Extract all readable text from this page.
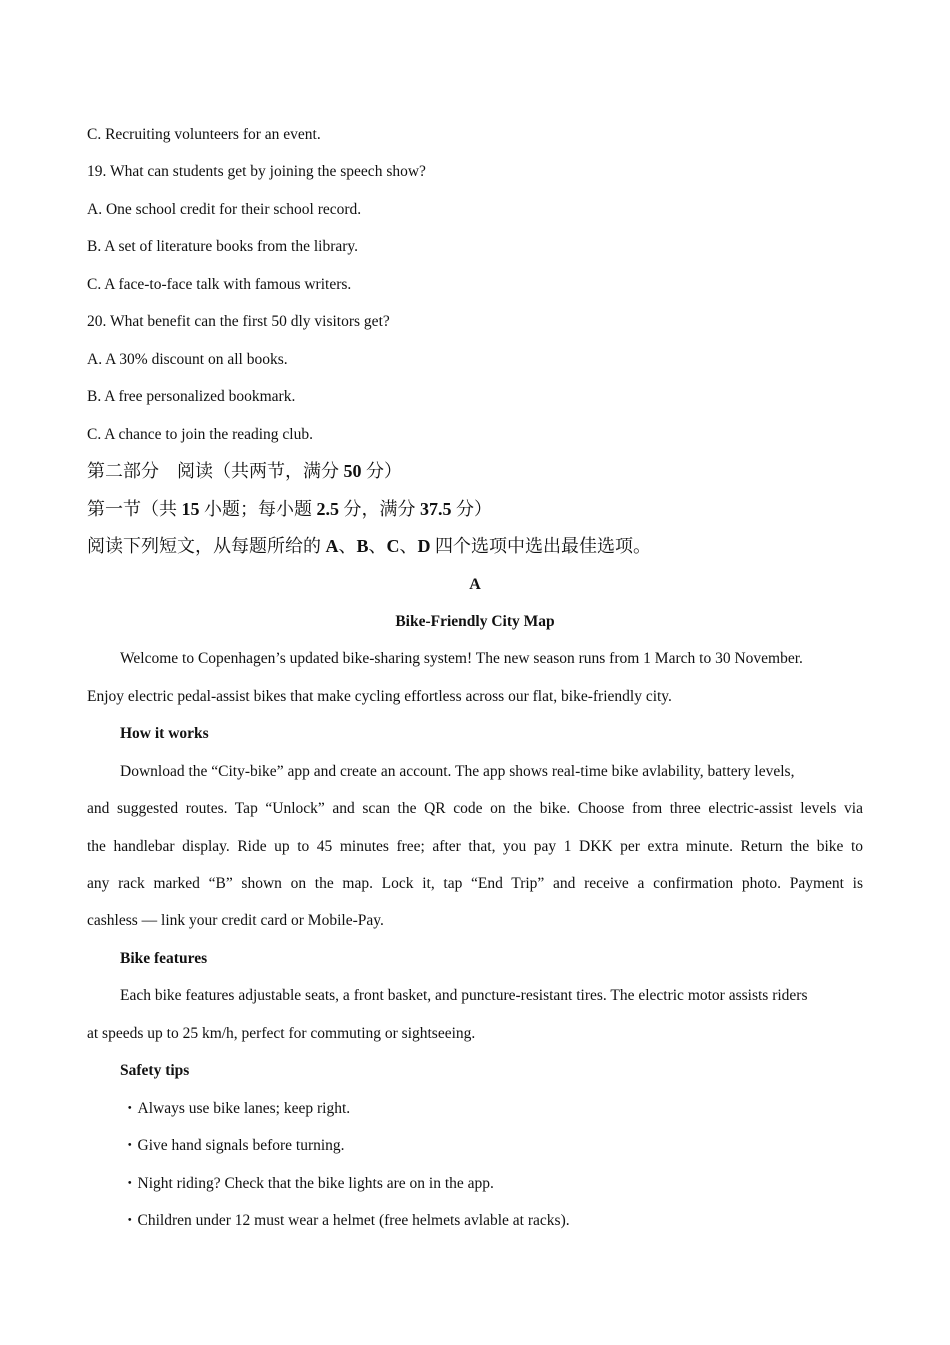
C. Recruiting volunteers for an event.
19. What can students get by joining the speech show?
A. One school credit for their school record.
B. A set of literature books from the library.
C. A face-to-face talk with famous writers.
20. What benefit can the first 50 dly visitors get?
A. A 30% discount on all books.
B. A free personalized bookmark.
C. A chance to join the reading club.
第二部分　阅读（共两节，满分 50 分）
第一节（共 15 小题；每小题 2.5 分，满分 37.5 分）
阅读下列短文，从每题所给的 A、B、C、D 四个选项中选出最佳选项。
A
Bike-Friendly City Map
Welcome to Copenhagen’s updated bike-sharing system! The new season runs from 1 March to 30 November.
Enjoy electric pedal-assist bikes that make cycling effortless across our flat, bike-friendly city.
How it works
Download the “City-bike” app and create an account. The app shows real-time bike avlability, battery levels,
and suggested routes. Tap “Unlock” and scan the QR code on the bike. Choose from three electric-assist levels via
the handlebar display. Ride up to 45 minutes free; after that, you pay 1 DKK per extra minute. Return the bike to
any rack marked “B” shown on the map. Lock it, tap “End Trip” and receive a confirmation photo. Payment is
cashless — link your credit card or Mobile-Pay.
Bike features
Each bike features adjustable seats, a front basket, and puncture-resistant tires. The electric motor assists riders
at speeds up to 25 km/h, perfect for commuting or sightseeing.
Safety tips
・Always use bike lanes; keep right.
・Give hand signals before turning.
・Night riding? Check that the bike lights are on in the app.
・Children under 12 must wear a helmet (free helmets avlable at racks).
